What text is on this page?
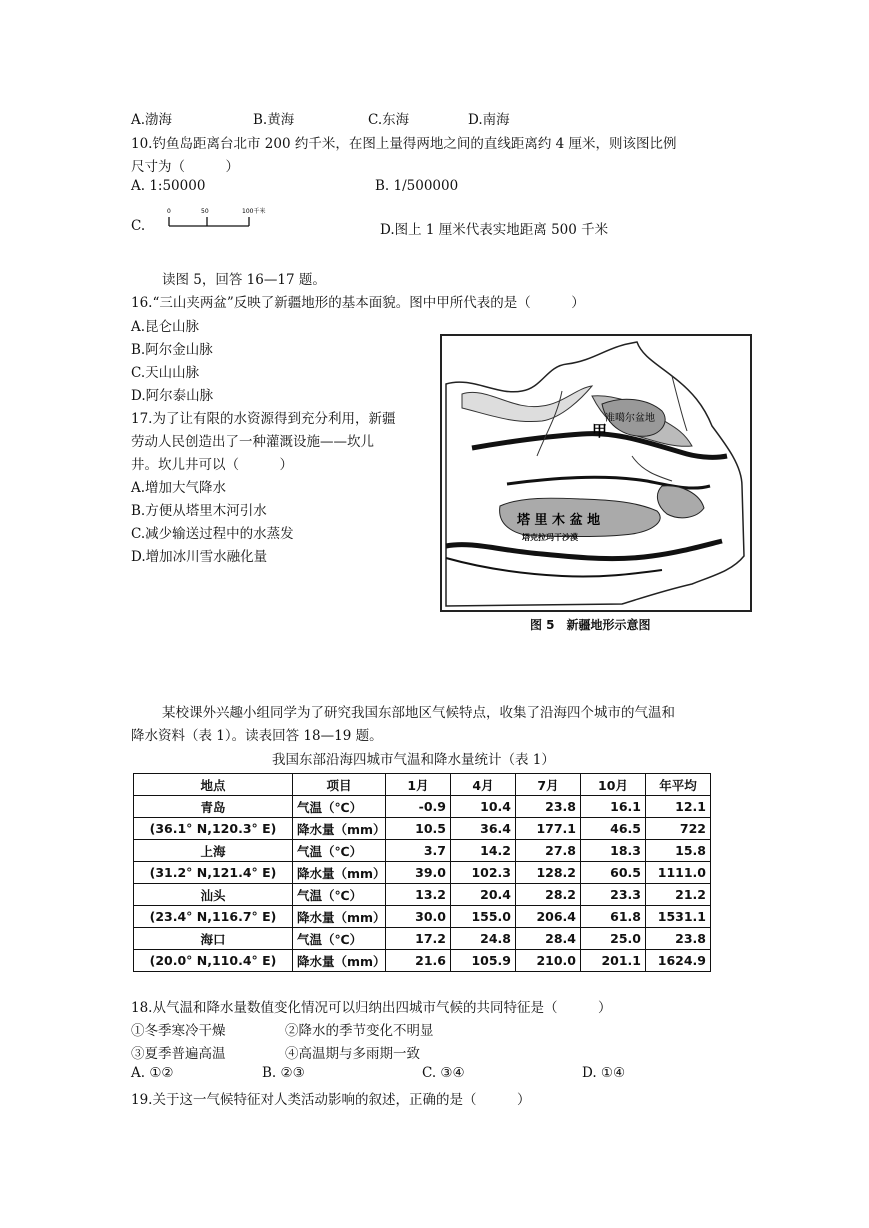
A.渤海	B.黄海	C.东海	D.南海
10.钓鱼岛距离台北市 200 约千米，在图上量得两地之间的直线距离约 4 厘米，则该图比例
尺寸为（　　　）
A. 1:50000	B. 1/500000
C.
0	50	100千米
D.图上 1 厘米代表实地距离 500 千米
读图 5，回答 16—17 题。
16.“三山夹两盆”反映了新疆地形的基本面貌。图中甲所代表的是（　　　）
A.昆仑山脉
B.阿尔金山脉
C.天山山脉
D.阿尔泰山脉
17.为了让有限的水资源得到充分利用，新疆
劳动人民创造出了一种灌溉设施——坎儿
井。坎儿井可以（　　　）
A.增加大气降水
B.方便从塔里木河引水
C.减少输送过程中的水蒸发
D.增加冰川雪水融化量
准噶尔盆地
甲
塔 里 木 盆 地
塔克拉玛干沙漠
图 5　新疆地形示意图
某校课外兴趣小组同学为了研究我国东部地区气候特点，收集了沿海四个城市的气温和
降水资料（表 1）。读表回答 18—19 题。
我国东部沿海四城市气温和降水量统计（表 1）
地点	项目	1月	4月	7月	10月	年平均
青岛	气温（℃）	-0.9	10.4	23.8	16.1	12.1
(36.1° N,120.3° E)	降水量（mm）	10.5	36.4	177.1	46.5	722
上海	气温（℃）	3.7	14.2	27.8	18.3	15.8
(31.2° N,121.4° E)	降水量（mm）	39.0	102.3	128.2	60.5	1111.0
汕头	气温（℃）	13.2	20.4	28.2	23.3	21.2
(23.4° N,116.7° E)	降水量（mm）	30.0	155.0	206.4	61.8	1531.1
海口	气温（℃）	17.2	24.8	28.4	25.0	23.8
(20.0° N,110.4° E)	降水量（mm）	21.6	105.9	210.0	201.1	1624.9
18.从气温和降水量数值变化情况可以归纳出四城市气候的共同特征是（　　　）
①冬季寒冷干燥	②降水的季节变化不明显
③夏季普遍高温	④高温期与多雨期一致
A. ①②	B. ②③	C. ③④	D. ①④
19.关于这一气候特征对人类活动影响的叙述，正确的是（　　　）
